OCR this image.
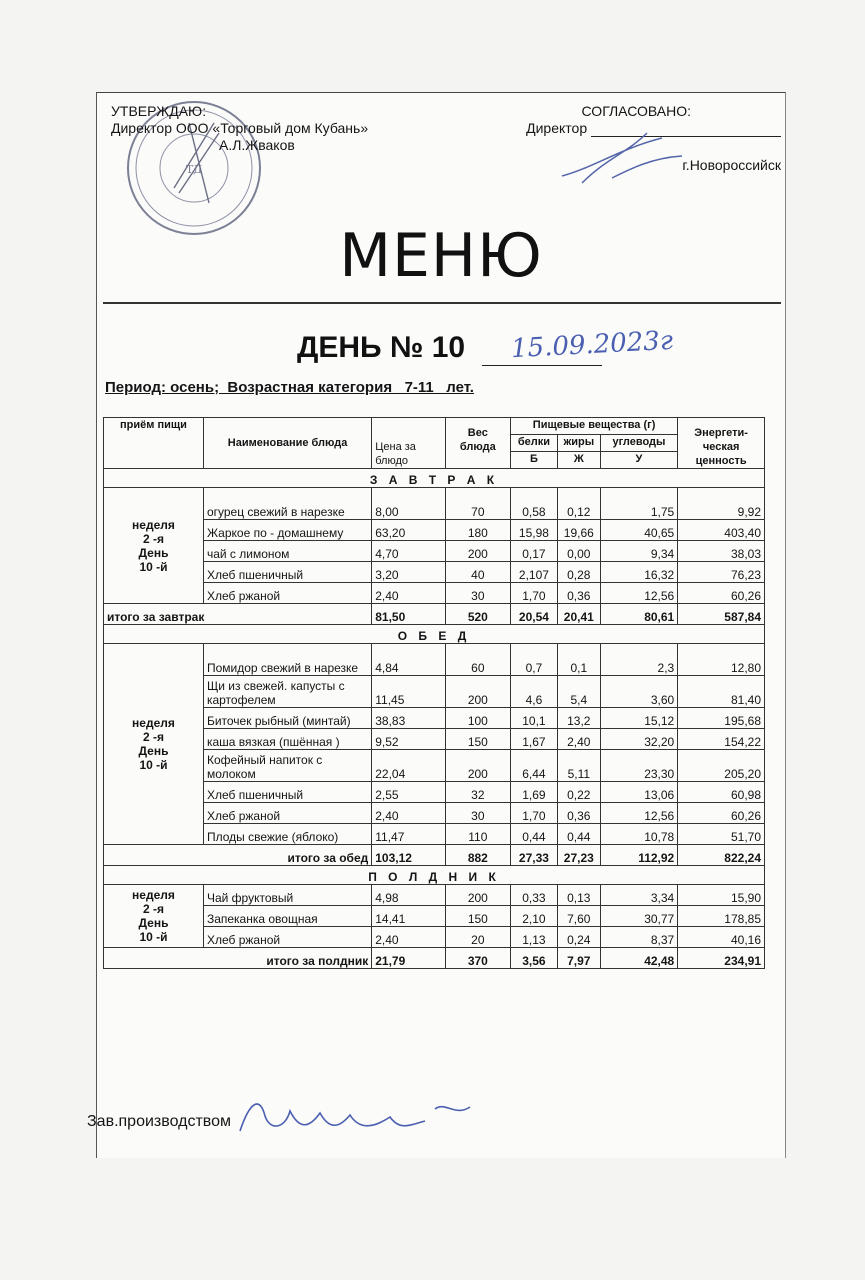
ТД
УТВЕРЖДАЮ:
Директор ООО «Торговый дом Кубань»
А.Л.Жваков
СОГЛАСОВАНО:
Директор
г.Новороссийск
МЕНЮ
ДЕНЬ № 10 15.09.2023г
Период: осень;  Возрастная категория   7-11   лет.
приём пищи	Наименование блюда	Цена за блюдо	Вес блюда	Пищевые вещества (г)			Энергети-ческая ценность
				белки	жиры	углеводы	
				Б	Ж	У	
З А В Т Р А К							

неделя
2 -я
День
10 -й	огурец свежий в нарезке	8,00	70	0,58	0,12	1,75	9,92
	Жаркое по - домашнему	63,20	180	15,98	19,66	40,65	403,40
	чай с лимоном	4,70	200	0,17	0,00	9,34	38,03
	Хлеб пшеничный	3,20	40	2,107	0,28	16,32	76,23
	Хлеб ржаной	2,40	30	1,70	0,36	12,56	60,26
итого за завтрак		81,50	520	20,54	20,41	80,61	587,84
О Б Е Д							

неделя
2 -я
День
10 -й	Помидор свежий в нарезке	4,84	60	0,7	0,1	2,3	12,80
	Щи из свежей. капусты с картофелем	11,45	200	4,6	5,4	3,60	81,40
	Биточек рыбный (минтай)	38,83	100	10,1	13,2	15,12	195,68
	каша вязкая (пшённая )	9,52	150	1,67	2,40	32,20	154,22
	Кофейный напиток с молоком	22,04	200	6,44	5,11	23,30	205,20
	Хлеб пшеничный	2,55	32	1,69	0,22	13,06	60,98
	Хлеб ржаной	2,40	30	1,70	0,36	12,56	60,26
	Плоды свежие (яблоко)	11,47	110	0,44	0,44	10,78	51,70
итого за обед		103,12	882	27,33	27,23	112,92	822,24
П О Л Д Н И К							

неделя
2 -я
День
10 -й	Чай фруктовый	4,98	200	0,33	0,13	3,34	15,90
	Запеканка овощная	14,41	150	2,10	7,60	30,77	178,85
	Хлеб ржаной	2,40	20	1,13	0,24	8,37	40,16
итого за полдник		21,79	370	3,56	7,97	42,48	234,91
Зав.производством
